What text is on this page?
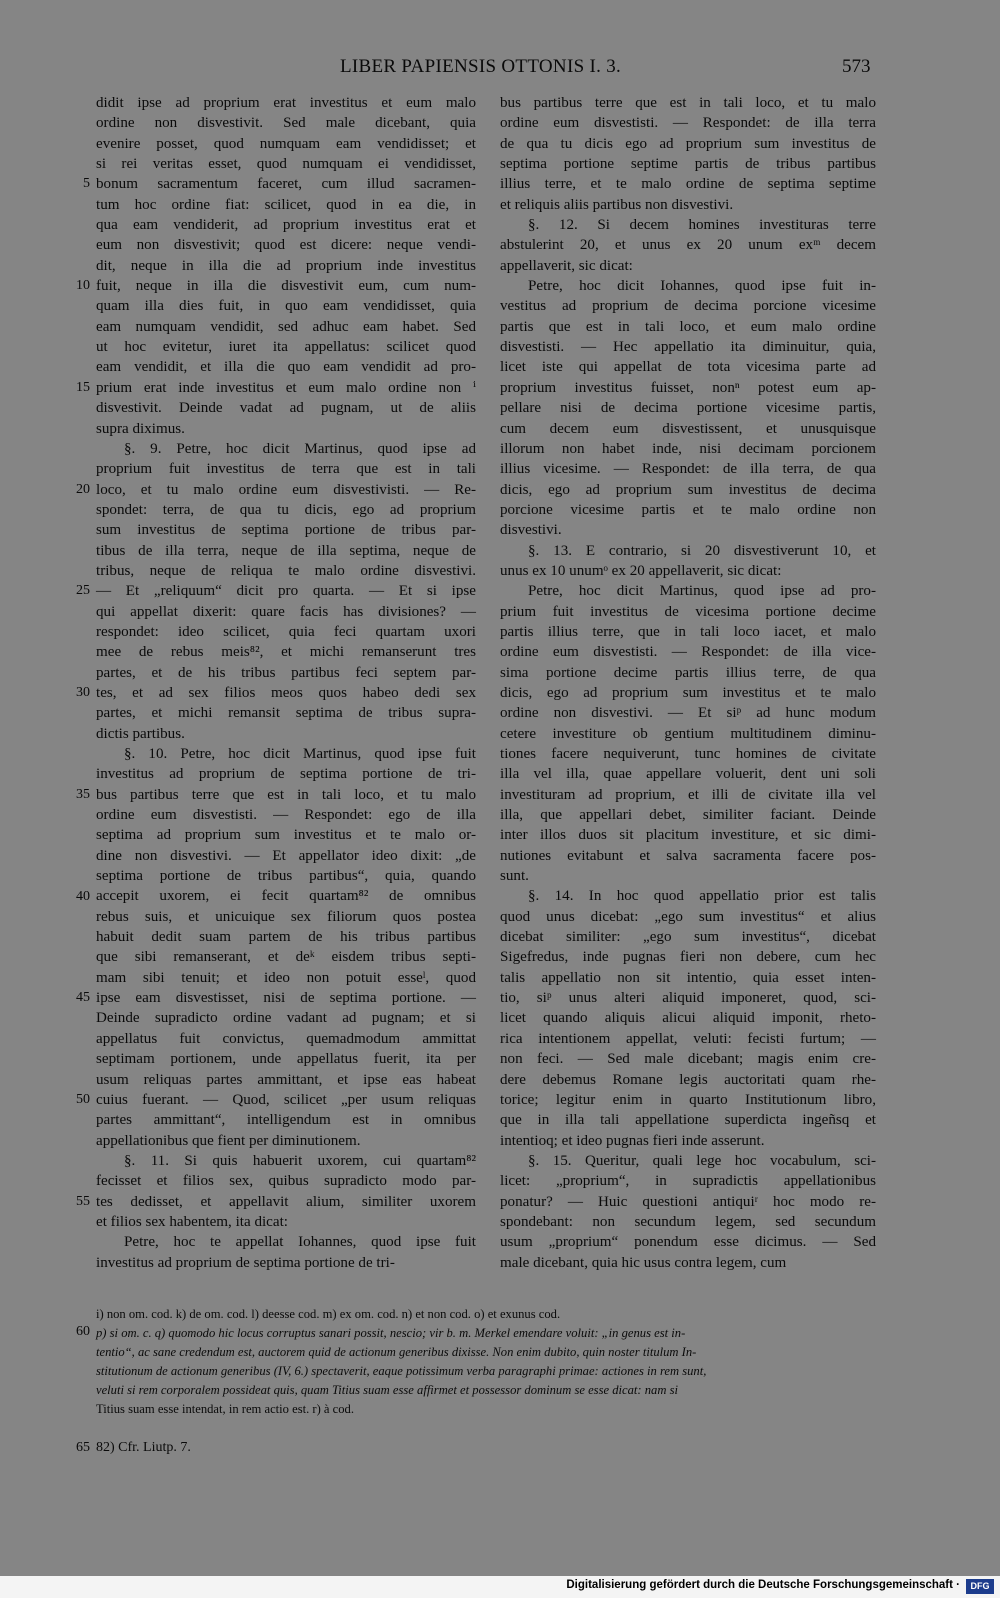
LIBER PAPIENSIS OTTONIS I. 3.	573
didit ipse ad proprium erat investitus et eum malo
ordine non disvestivit. Sed male dicebant, quia
evenire posset, quod numquam eam vendidisset; et
si rei veritas esset, quod numquam ei vendidisset,
bonum sacramentum faceret, cum illud sacramen-
tum hoc ordine fiat: scilicet, quod in ea die, in
qua eam vendiderit, ad proprium investitus erat et
eum non disvestivit; quod est dicere: neque vendi-
dit, neque in illa die ad proprium inde investitus
fuit, neque in illa die disvestivit eum, cum num-
quam illa dies fuit, in quo eam vendidisset, quia
eam numquam vendidit, sed adhuc eam habet. Sed
ut hoc evitetur, iuret ita appellatus: scilicet quod
eam vendidit, et illa die quo eam vendidit ad pro-
prium erat inde investitus et eum malo ordine non ⁱ
disvestivit. Deinde vadat ad pugnam, ut de aliis
supra diximus.
§. 9. Petre, hoc dicit Martinus, quod ipse ad
proprium fuit investitus de terra que est in tali
loco, et tu malo ordine eum disvestivisti. — Re-
spondet: terra, de qua tu dicis, ego ad proprium
sum investitus de septima portione de tribus par-
tibus de illa terra, neque de illa septima, neque de
tribus, neque de reliqua te malo ordine disvestivi.
— Et „reliquum“ dicit pro quarta. — Et si ipse
qui appellat dixerit: quare facis has divisiones? —
respondet: ideo scilicet, quia feci quartam uxori
mee de rebus meis⁸², et michi remanserunt tres
partes, et de his tribus partibus feci septem par-
tes, et ad sex filios meos quos habeo dedi sex
partes, et michi remansit septima de tribus supra-
dictis partibus.
§. 10. Petre, hoc dicit Martinus, quod ipse fuit
investitus ad proprium de septima portione de tri-
bus partibus terre que est in tali loco, et tu malo
ordine eum disvestisti. — Respondet: ego de illa
septima ad proprium sum investitus et te malo or-
dine non disvestivi. — Et appellator ideo dixit: „de
septima portione de tribus partibus“, quia, quando
accepit uxorem, ei fecit quartam⁸² de omnibus
rebus suis, et unicuique sex filiorum quos postea
habuit dedit suam partem de his tribus partibus
que sibi remanserant, et deᵏ eisdem tribus septi-
mam sibi tenuit; et ideo non potuit esseˡ, quod
ipse eam disvestisset, nisi de septima portione. —
Deinde supradicto ordine vadant ad pugnam; et si
appellatus fuit convictus, quemadmodum ammittat
septimam portionem, unde appellatus fuerit, ita per
usum reliquas partes ammittant, et ipse eas habeat
cuius fuerant. — Quod, scilicet „per usum reliquas
partes ammittant“, intelligendum est in omnibus
appellationibus que fient per diminutionem.
§. 11. Si quis habuerit uxorem, cui quartam⁸²
fecisset et filios sex, quibus supradicto modo par-
tes dedisset, et appellavit alium, similiter uxorem
et filios sex habentem, ita dicat:
Petre, hoc te appellat Iohannes, quod ipse fuit
investitus ad proprium de septima portione de tri-
5
10
15
20
25
30
35
40
45
50
55
bus partibus terre que est in tali loco, et tu malo
ordine eum disvestisti. — Respondet: de illa terra
de qua tu dicis ego ad proprium sum investitus de
septima portione septime partis de tribus partibus
illius terre, et te malo ordine de septima septime
et reliquis aliis partibus non disvestivi.
§. 12. Si decem homines investituras terre
abstulerint 20, et unus ex 20 unum exᵐ decem
appellaverit, sic dicat:
Petre, hoc dicit Iohannes, quod ipse fuit in-
vestitus ad proprium de decima porcione vicesime
partis que est in tali loco, et eum malo ordine
disvestisti. — Hec appellatio ita diminuitur, quia,
licet iste qui appellat de tota vicesima parte ad
proprium investitus fuisset, nonⁿ potest eum ap-
pellare nisi de decima portione vicesime partis,
cum decem eum disvestissent, et unusquisque
illorum non habet inde, nisi decimam porcionem
illius vicesime. — Respondet: de illa terra, de qua
dicis, ego ad proprium sum investitus de decima
porcione vicesime partis et te malo ordine non
disvestivi.
§. 13. E contrario, si 20 disvestiverunt 10, et
unus ex 10 unumᵒ ex 20 appellaverit, sic dicat:
Petre, hoc dicit Martinus, quod ipse ad pro-
prium fuit investitus de vicesima portione decime
partis illius terre, que in tali loco iacet, et malo
ordine eum disvestisti. — Respondet: de illa vice-
sima portione decime partis illius terre, de qua
dicis, ego ad proprium sum investitus et te malo
ordine non disvestivi. — Et siᵖ ad hunc modum
cetere investiture ob gentium multitudinem diminu-
tiones facere nequiverunt, tunc homines de civitate
illa vel illa, quae appellare voluerit, dent uni soli
investituram ad proprium, et illi de civitate illa vel
illa, que appellari debet, similiter faciant. Deinde
inter illos duos sit placitum investiture, et sic dimi-
nutiones evitabunt et salva sacramenta facere pos-
sunt.
§. 14. In hoc quod appellatio prior est talis
quod unus dicebat: „ego sum investitus“ et alius
dicebat similiter: „ego sum investitus“, dicebat
Sigefredus, inde pugnas fieri non debere, cum hec
talis appellatio non sit intentio, quia esset inten-
tio, siᵖ unus alteri aliquid imponeret, quod, sci-
licet quando aliquis alicui aliquid imponit, rheto-
rica intentionem appellat, veluti: fecisti furtum; —
non feci. — Sed male dicebant; magis enim cre-
dere debemus Romane legis auctoritati quam rhe-
torice; legitur enim in quarto Institutionum libro,
que in illa tali appellatione superdicta ingeñsq et
intentioq; et ideo pugnas fieri inde asserunt.
§. 15. Queritur, quali lege hoc vocabulum, sci-
licet: „proprium“, in supradictis appellationibus
ponatur? — Huic questioni antiquiʳ hoc modo re-
spondebant: non secundum legem, sed secundum
usum „proprium“ ponendum esse dicimus. — Sed
male dicebant, quia hic usus contra legem, cum
i) non om. cod. k) de om. cod. l) deesse cod. m) ex om. cod. n) et non cod. o) et exunus cod.
p) si om. c. q) quomodo hic locus corruptus sanari possit, nescio; vir b. m. Merkel emendare voluit: „in genus est in-
tentio“, ac sane credendum est, auctorem quid de actionum generibus dixisse. Non enim dubito, quin noster titulum In-
stitutionum de actionum generibus (IV, 6.) spectaverit, eaque potissimum verba paragraphi primae: actiones in rem sunt,
veluti si rem corporalem possideat quis, quam Titius suam esse affirmet et possessor dominum se esse dicat: nam si
Titius suam esse intendat, in rem actio est. r) à cod.
60
65 82) Cfr. Liutp. 7.
Digitalisierung gefördert durch die Deutsche Forschungsgemeinschaft ·	DFG
